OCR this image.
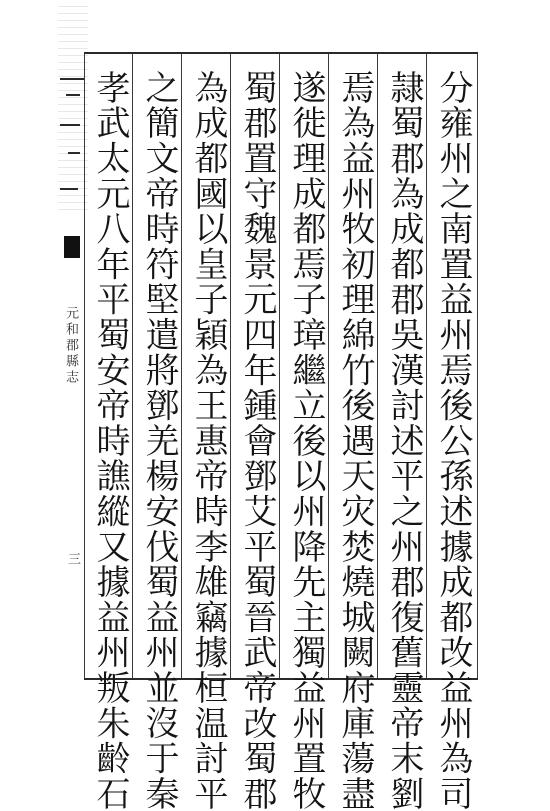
元和郡縣志
三	分雍州之南置益州焉後公孫述據成都改益州為司
隷蜀郡為成都郡吳漢討述平之州郡復舊靈帝末劉
焉為益州牧初理綿竹後遇天灾焚燒城闕府庫蕩盡
遂徙理成都焉子璋繼立後以州降先主獨益州置牧
蜀郡置守魏景元四年鍾會鄧艾平蜀晉武帝改蜀郡
為成都國以皇子穎為王惠帝時李雄竊據桓温討平
之簡文帝時符堅遣將鄧羌楊安伐蜀益州並沒于秦
孝武太元八年平蜀安帝時譙縱又據益州叛朱齡石
